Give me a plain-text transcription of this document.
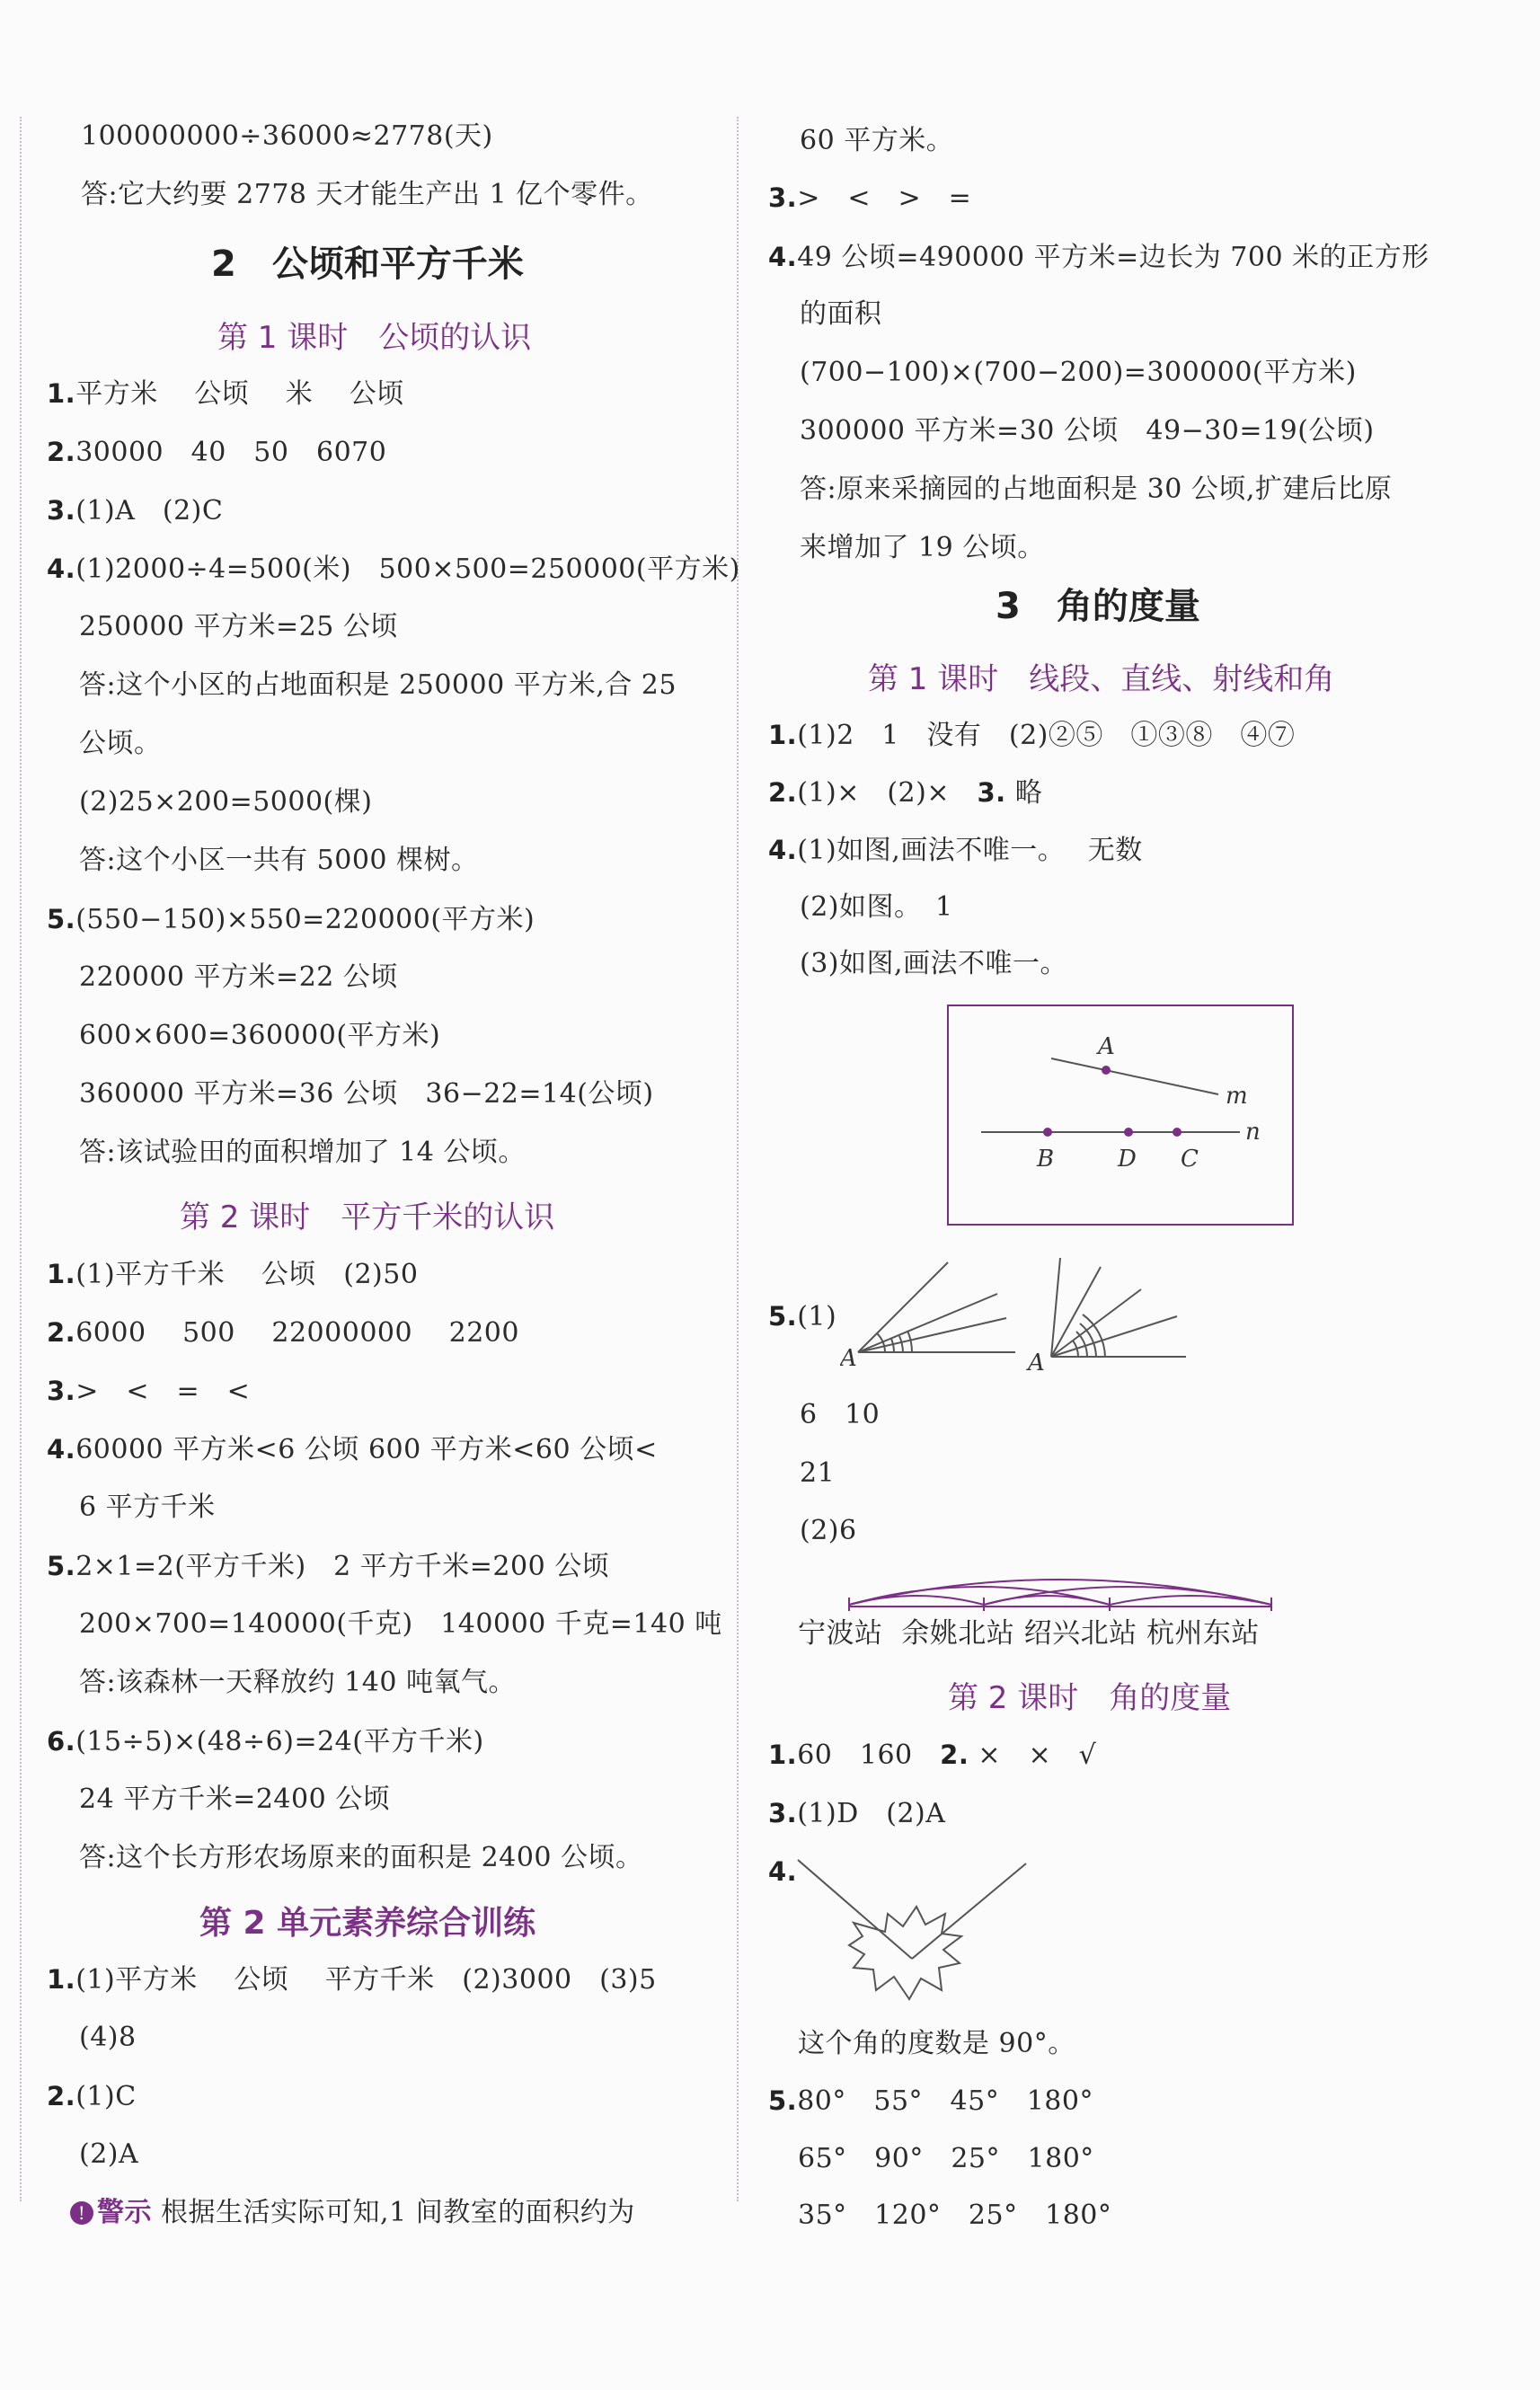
100000000÷36000≈2778(天)
答:它大约要 2778 天才能生产出 1 亿个零件。
2　公顷和平方千米
第 1 课时　公顷的认识
1.平方米　 公顷　 米　 公顷
2.30000　40　50　6070
3.(1)A　(2)C
4.(1)2000÷4=500(米)　500×500=250000(平方米)
250000 平方米=25 公顷
答:这个小区的占地面积是 250000 平方米,合 25
公顷。
(2)25×200=5000(棵)
答:这个小区一共有 5000 棵树。
5.(550−150)×550=220000(平方米)
220000 平方米=22 公顷
600×600=360000(平方米)
360000 平方米=36 公顷　36−22=14(公顷)
答:该试验田的面积增加了 14 公顷。
第 2 课时　平方千米的认识
1.(1)平方千米　 公顷　(2)50
2.6000　 500　 22000000　 2200
3.>　<　=　<
4.60000 平方米<6 公顷 600 平方米<60 公顷<
6 平方千米
5.2×1=2(平方千米)　2 平方千米=200 公顷
200×700=140000(千克)　140000 千克=140 吨
答:该森林一天释放约 140 吨氧气。
6.(15÷5)×(48÷6)=24(平方千米)
24 平方千米=2400 公顷
答:这个长方形农场原来的面积是 2400 公顷。
第 2 单元素养综合训练
1.(1)平方米　 公顷　 平方千米　(2)3000　(3)5
(4)8
2.(1)C
(2)A
! 警示 根据生活实际可知,1 间教室的面积约为
60 平方米。
3.>　<　>　=
4.49 公顷=490000 平方米=边长为 700 米的正方形
的面积
(700−100)×(700−200)=300000(平方米)
300000 平方米=30 公顷　49−30=19(公顷)
答:原来采摘园的占地面积是 30 公顷,扩建后比原
来增加了 19 公顷。
3　角的度量
第 1 课时　线段、直线、射线和角
1.(1)2　1　没有　(2)②⑤　①③⑧　④⑦
2.(1)×　(2)×　3. 略
4.(1)如图,画法不唯一。　 无数
(2)如图。　1
(3)如图,画法不唯一。
A
m
n
B	D C
5.(1)
A	A
6　10
21
(2)6
宁波站 余姚北站 绍兴北站 杭州东站
第 2 课时　角的度量
1.60　160　2. ×　×　√
3.(1)D　(2)A
4.
这个角的度数是 90°。
5.80°　55°　45°　180°
65°　90°　25°　180°
35°　120°　25°　180°
